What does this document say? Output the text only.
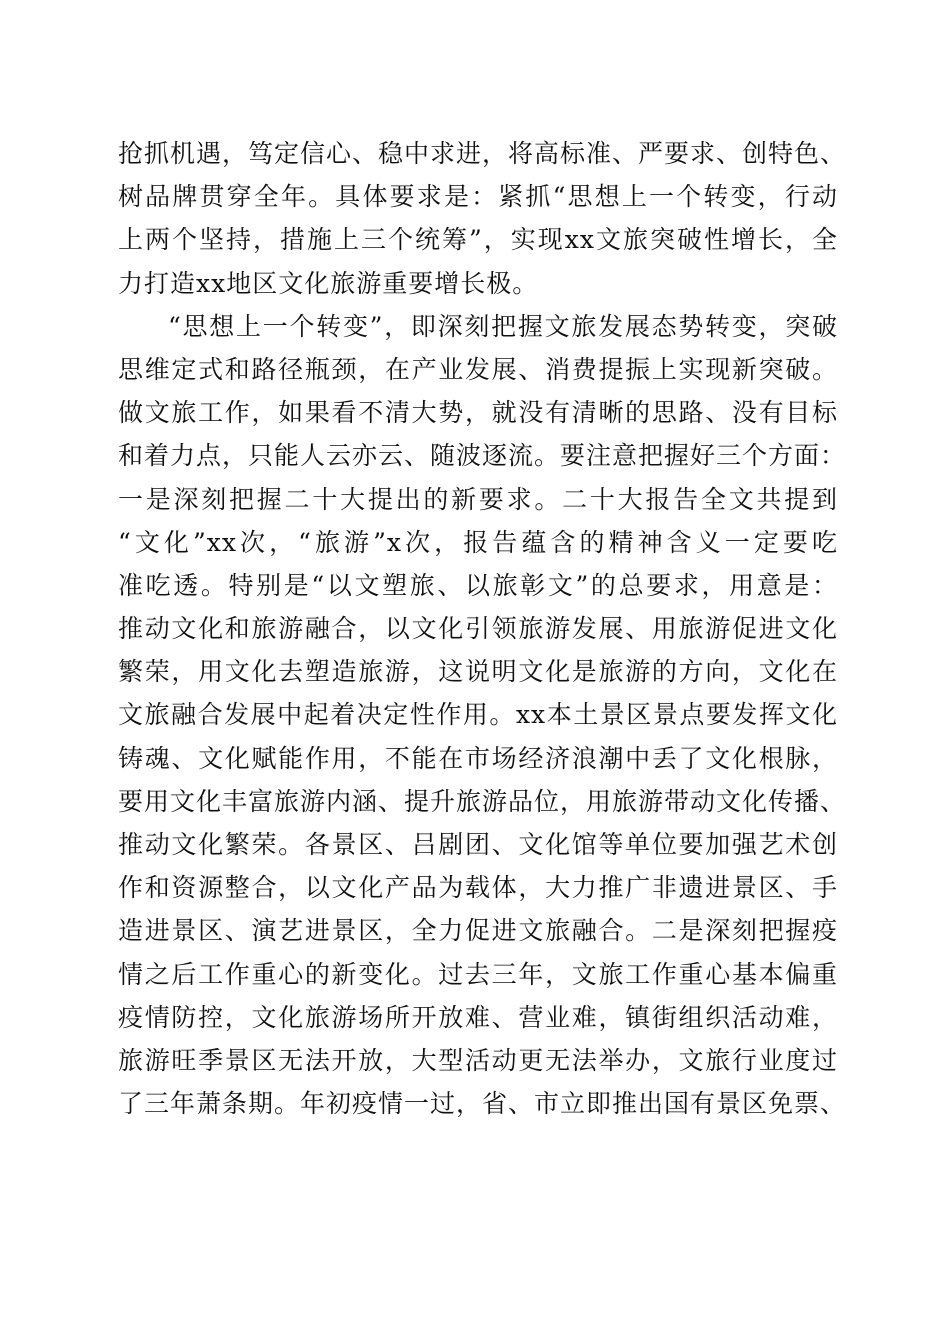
抢抓机遇，笃定信心、稳中求进，将高标准、严要求、创特色、
树品牌贯穿全年。具体要求是：紧抓“思想上一个转变，行动
上两个坚持，措施上三个统筹”，实现xx文旅突破性增长，全
力打造xx地区文化旅游重要增长极。
“思想上一个转变”，即深刻把握文旅发展态势转变，突破
思维定式和路径瓶颈，在产业发展、消费提振上实现新突破。
做文旅工作，如果看不清大势，就没有清晰的思路、没有目标
和着力点，只能人云亦云、随波逐流。要注意把握好三个方面：
一是深刻把握二十大提出的新要求。二十大报告全文共提到
“文化”xx次，“旅游”x次，报告蕴含的精神含义一定要吃
准吃透。特别是“以文塑旅、以旅彰文”的总要求，用意是：
推动文化和旅游融合，以文化引领旅游发展、用旅游促进文化
繁荣，用文化去塑造旅游，这说明文化是旅游的方向，文化在
文旅融合发展中起着决定性作用。xx本土景区景点要发挥文化
铸魂、文化赋能作用，不能在市场经济浪潮中丢了文化根脉，
要用文化丰富旅游内涵、提升旅游品位，用旅游带动文化传播、
推动文化繁荣。各景区、吕剧团、文化馆等单位要加强艺术创
作和资源整合，以文化产品为载体，大力推广非遗进景区、手
造进景区、演艺进景区，全力促进文旅融合。二是深刻把握疫
情之后工作重心的新变化。过去三年，文旅工作重心基本偏重
疫情防控，文化旅游场所开放难、营业难，镇街组织活动难，
旅游旺季景区无法开放，大型活动更无法举办，文旅行业度过
了三年萧条期。年初疫情一过，省、市立即推出国有景区免票、
